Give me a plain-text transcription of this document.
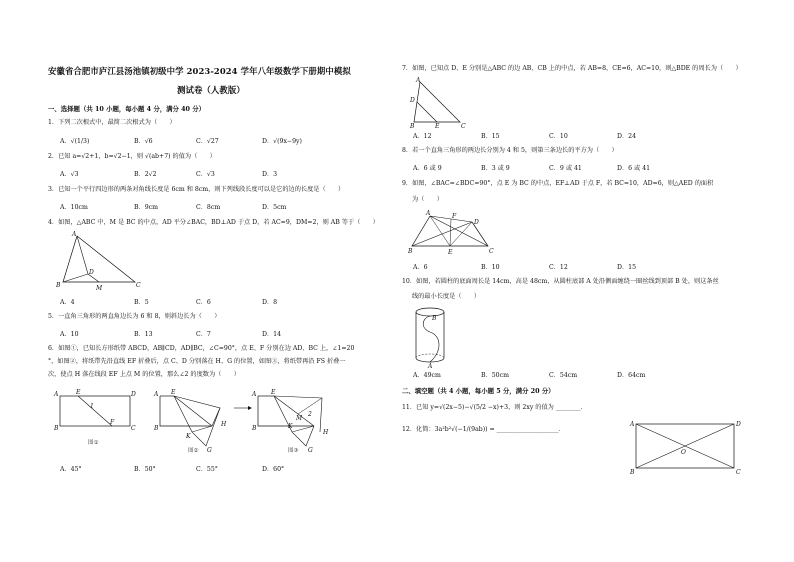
安徽省合肥市庐江县汤池镇初级中学 2023-2024 学年八年级数学下册期中模拟
测试卷（人教版）
一、选择题（共 10 小题，每小题 4 分，满分 40 分）
1．下列二次根式中，最简二次根式为（　　）
A．√(1/3)	B．√6	C．√27	D．√(9x−9y)
2．已知 a=√2+1，b=√2−1，则 √(ab+7) 的值为（　　）
A．√3	B．2√2	C．√3	D．3
3．已知一个平行四边形的两条对角线长度是 6cm 和 8cm，则下列线段长度可以是它的边的长度是（　　）
A．10cm	B．9cm	C．8cm	D．5cm
4．如图，△ABC 中，M 是 BC 的中点，AD 平分∠BAC，BD⊥AD 于点 D，若 AC=9，DM=2，则 AB 等于（　　）
A
D
B	M	C
A．4	B．5	C．6	D．8
5．一直角三角形的两直角边长为 6 和 8，则斜边长为（　　）
A．10	B．13	C．7	D．14
6．如图①，已知长方形纸带 ABCD，AB∥CD，AD∥BC，∠C=90°，点 E、F 分别在边 AD、BC 上，∠1=20
°，如图②，将纸带先沿直线 EF 折叠后，点 C、D 分别落在 H、G 的位置，如图③，将纸带再沿 FS 折叠一
次，使点 H 落在线段 EF 上点 M 的位置，那么∠2 的度数为（　　）
A	E	D
B
F
C
1
图①
A E
B
K
G
H
图②
A E
B	K
M
2
G
H
图③
A．45°	B．50°	C．55°	D．60°
7．如图，已知点 D、E 分别是△ABC 的边 AB、CB 上的中点，若 AB=8，CE=6，AC=10，则△BDE 的周长为（　　）
A
D
B	E	C
A．12	B．15	C．10	D．24
8．若一个直角三角形的两边长分别为 4 和 5，则第三条边长的平方为（　　）
A．6 或 9	B．3 或 9	C．9 或 41	D．6 或 41
9．如图，∠BAC=∠BDC=90°，点 E 为 BC 的中点，EF⊥AD 于点 F，若 BC=10，AD=6，则△AED 的面积
为（　　）
A	F
D
B	E	C
A．6	B．10	C．12	D．15
10．如图，若圆柱的底面周长是 14cm，高是 48cm，从圆柱底部 A 处沿侧面缠绕一圈丝线到顶部 B 处，则这条丝
线的最小长度是（　　）
B
A
A．49cm	B．50cm	C．54cm	D．64cm
二、填空题（共 4 小题，每小题 5 分，满分 20 分）
11．已知 y=√(2x−5)−√(5/2 −x)+3，则 2xy 的值为 ________．
12．化简：3a²b²√(−1/(9ab)) = ____________________．
A	D
O
B	C
